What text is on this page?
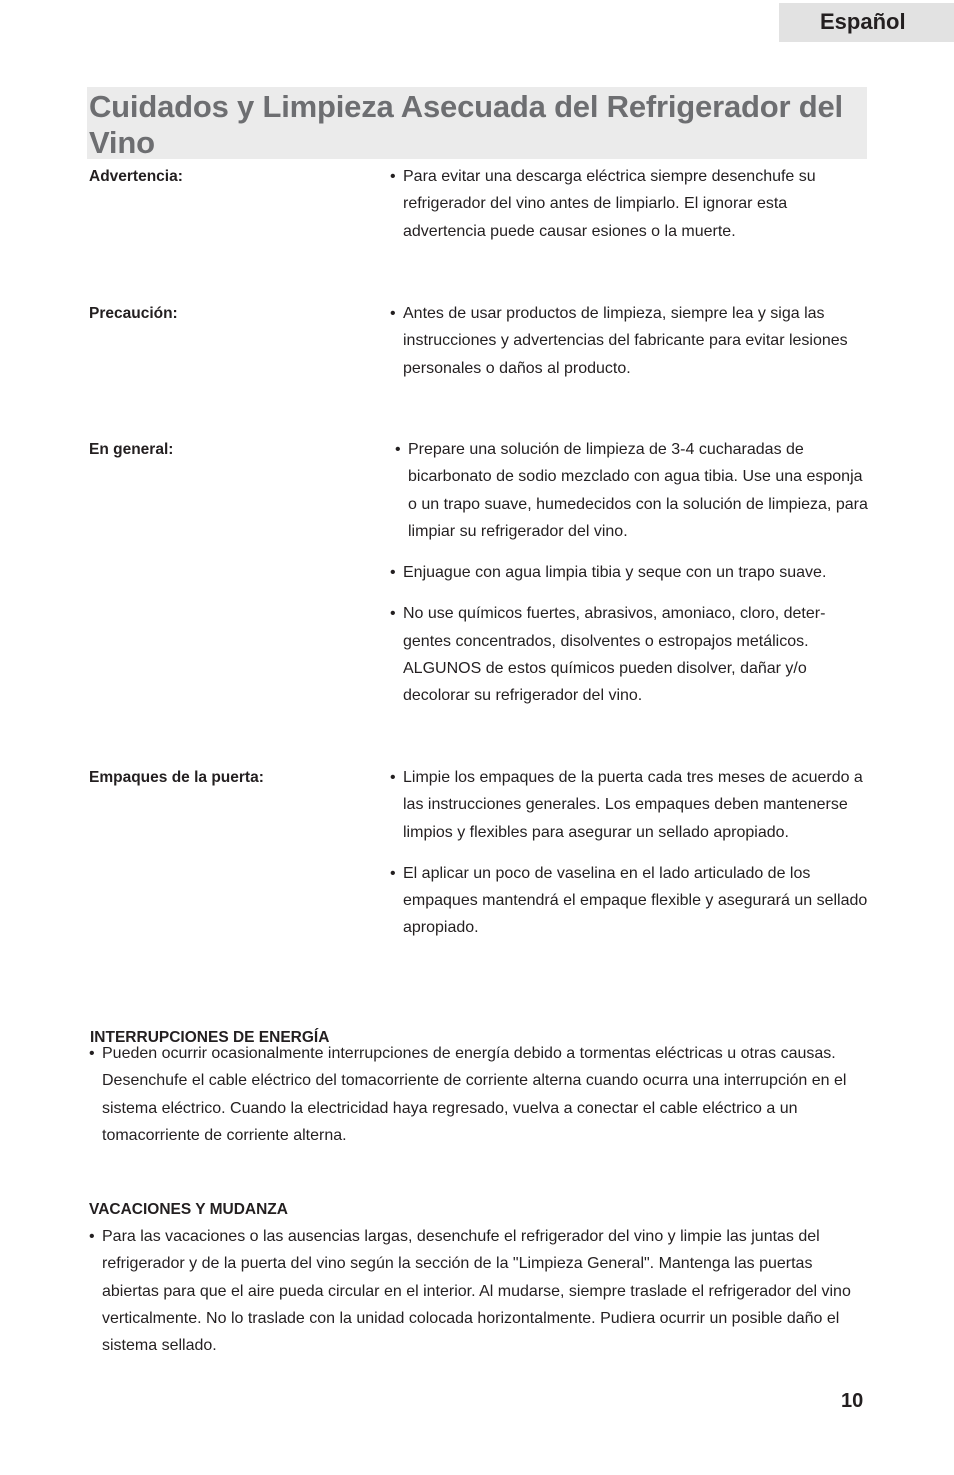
Español
Cuidados y Limpieza Asecuada del Refrigerador del Vino
Advertencia:	• Para evitar una descarga eléctrica siempre desenchufe su refrigerador del vino antes de limpiarlo. El ignorar esta advertencia puede causar esiones o la muerte.

Precaución:	• Antes de usar productos de limpieza, siempre lea y siga las instrucciones y advertencias del fabricante para evitar lesiones personales o daños al producto.

En general:	• Prepare una solución de limpieza de 3-4 cucharadas de bicarbonato de sodio mezclado con agua tibia. Use una esponja o un trapo suave, humedecidos con la solución de limpieza, para limpiar su refrigerador del vino.

• Enjuague con agua limpia tibia y seque con un trapo suave.

• No use químicos fuertes, abrasivos, amoniaco, cloro, deter-gentes concentrados, disolventes o estropajos metálicos. ALGUNOS de estos químicos pueden disolver, dañar y/o decolorar su refrigerador del vino.

Empaques de la puerta:	• Limpie los empaques de la puerta cada tres meses de acuerdo a las instrucciones generales. Los empaques deben mantenerse limpios y flexibles para asegurar un sellado apropiado.

• El aplicar un poco de vaselina en el lado articulado de los empaques mantendrá el empaque flexible y asegurará un sellado apropiado.

INTERRUPCIONES DE ENERGÍA

• Pueden ocurrir ocasionalmente interrupciones de energía debido a tormentas eléctricas u otras causas. Desenchufe el cable eléctrico del tomacorriente de corriente alterna cuando ocurra una interrupción en el sistema eléctrico. Cuando la electricidad haya regresado, vuelva a conectar el cable eléctrico a un tomacorriente de corriente alterna.

VACACIONES Y MUDANZA

• Para las vacaciones o las ausencias largas, desenchufe el refrigerador del vino y limpie las juntas del refrigerador y de la puerta del vino según la sección de la "Limpieza General". Mantenga las puertas abiertas para que el aire pueda circular en el interior. Al mudarse, siempre traslade el refrigerador del vino verticalmente. No lo traslade con la unidad colocada horizontalmente. Pudiera ocurrir un posible daño el sistema sellado.

10
